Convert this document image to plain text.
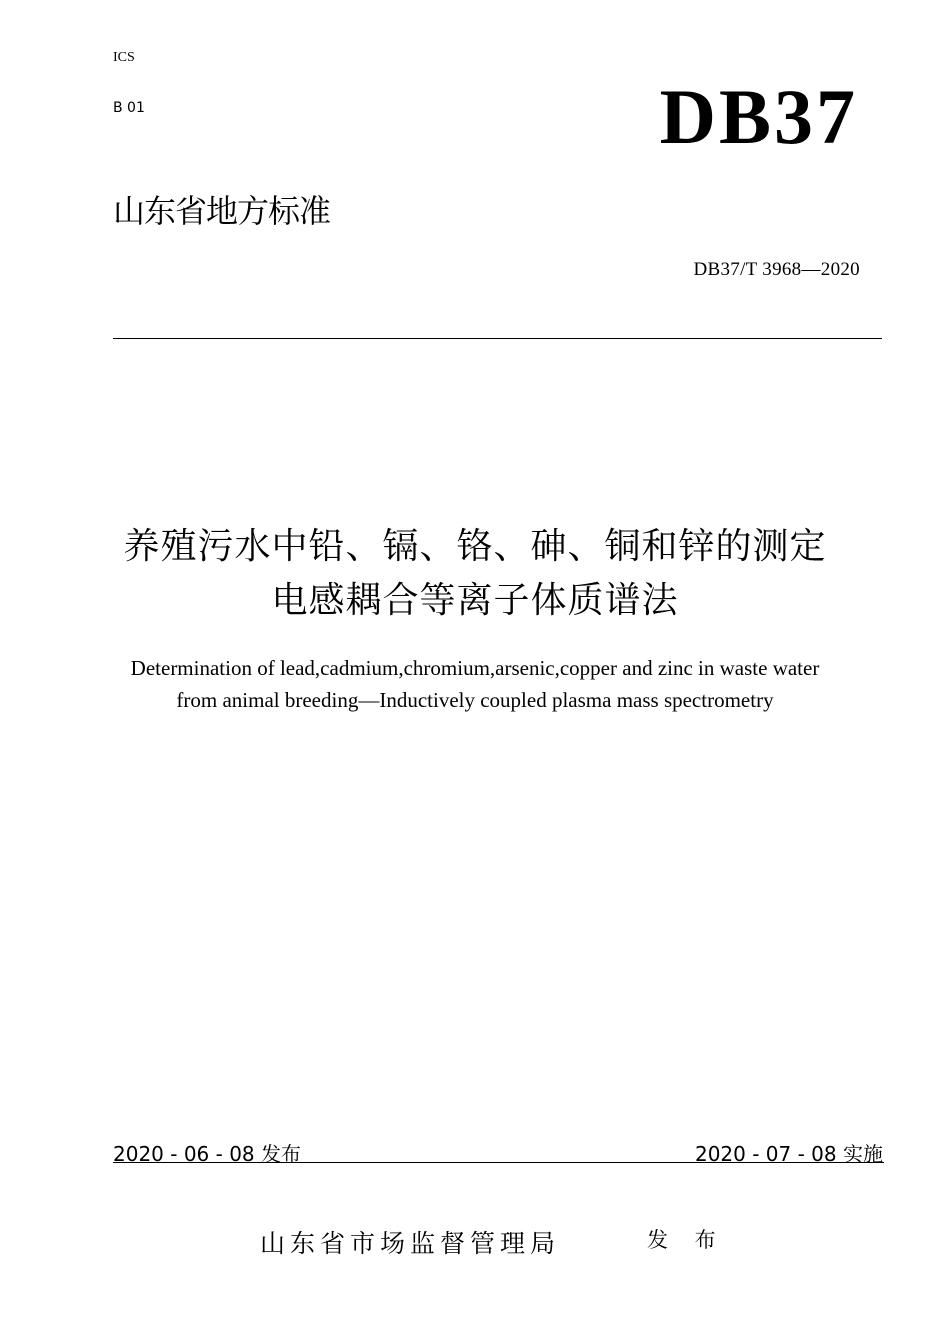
ICS
B 01	DB37
山东省地方标准
DB37/T 3968—2020
养殖污水中铅、镉、铬、砷、铜和锌的测定
电感耦合等离子体质谱法
Determination of lead,cadmium,chromium,arsenic,copper and zinc in waste water
from animal breeding—Inductively coupled plasma mass spectrometry
2020 - 06 - 08 发布	2020 - 07 - 08 实施
山东省市场监督管理局	发 布
